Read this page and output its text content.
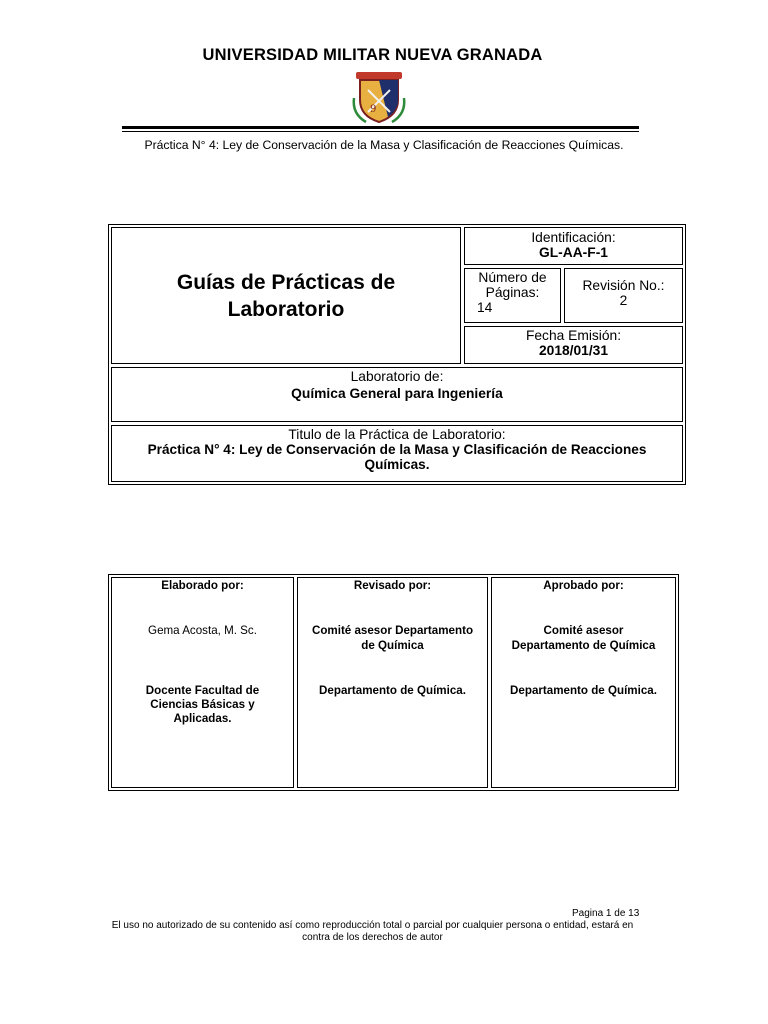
UNIVERSIDAD MILITAR NUEVA GRANADA
9
Práctica N° 4: Ley de Conservación de la Masa y Clasificación de Reacciones Químicas.
Guías de Prácticas de Laboratorio
Identificación:
GL-AA-F-1
Número de
Páginas:
14
Revisión No.:
2
Fecha Emisión:
2018/01/31
Laboratorio de:
Química General para Ingeniería
Titulo de la Práctica de Laboratorio:
Práctica N° 4: Ley de Conservación de la Masa y Clasificación de Reacciones
Químicas.
Elaborado por:
Gema Acosta, M. Sc.
Docente Facultad de
Ciencias Básicas y
Aplicadas.
Revisado por:
Comité asesor Departamento
de Química
Departamento de Química.
Aprobado por:
Comité asesor
Departamento de Química
Departamento de Química.
Pagina 1 de 13
El uso no autorizado de su contenido así como reproducción total o parcial por cualquier persona o entidad, estará en
contra de los derechos de autor
